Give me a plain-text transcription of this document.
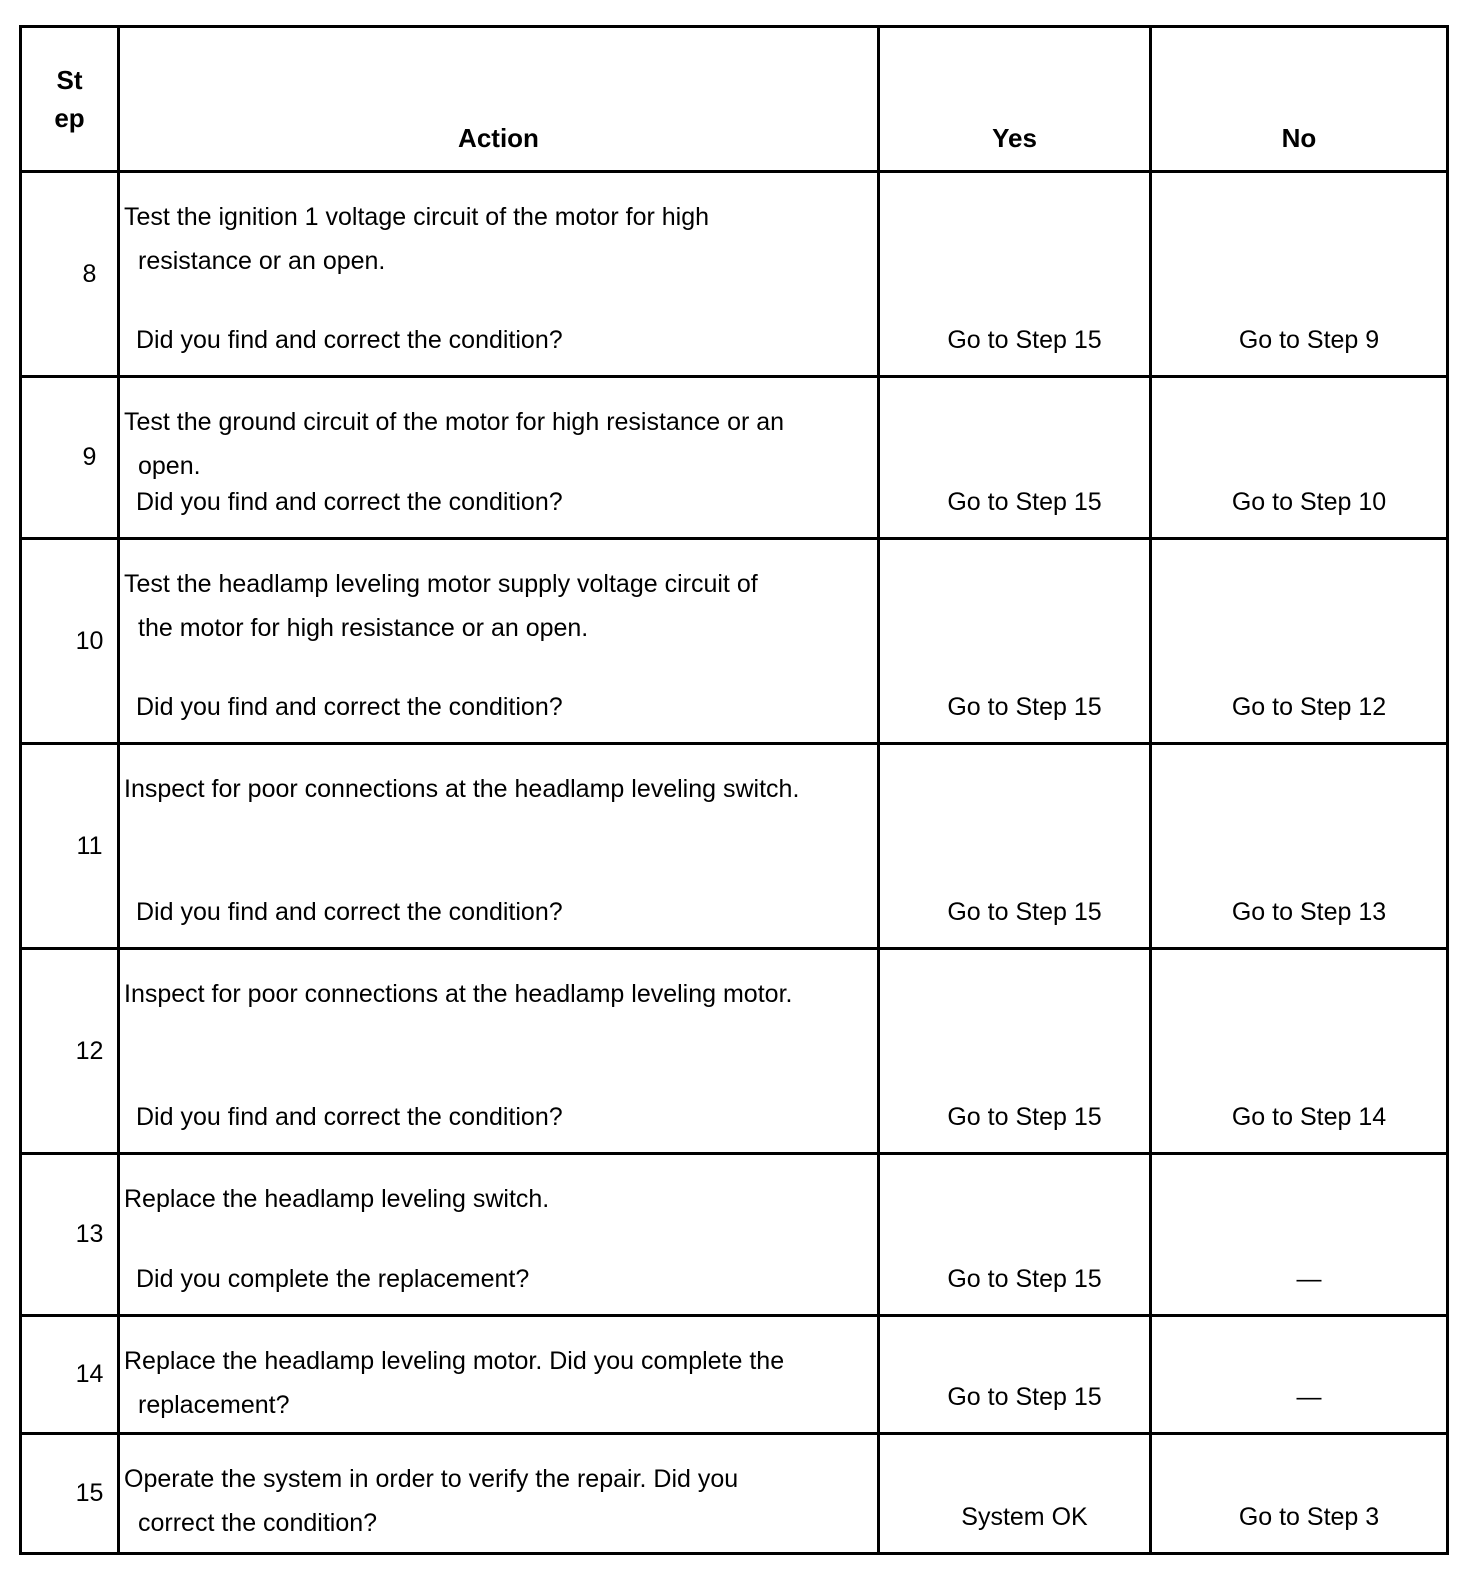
St
ep	Action	Yes	No
8	Test the ignition 1 voltage circuit of the motor for high
resistance or an open.
Did you find and correct the condition?	Go to Step 15	Go to Step 9

9	Test the ground circuit of the motor for high resistance or an
open.
Did you find and correct the condition?	Go to Step 15	Go to Step 10

10	Test the headlamp leveling motor supply voltage circuit of
the motor for high resistance or an open.
Did you find and correct the condition?	Go to Step 15	Go to Step 12

11	Inspect for poor connections at the headlamp leveling switch.
Did you find and correct the condition?	Go to Step 15	Go to Step 13

12	Inspect for poor connections at the headlamp leveling motor.
Did you find and correct the condition?	Go to Step 15	Go to Step 14

13	Replace the headlamp leveling switch.
Did you complete the replacement?	Go to Step 15	—

14	Replace the headlamp leveling motor. Did you complete the
replacement?	Go to Step 15	—

15	Operate the system in order to verify the repair. Did you
correct the condition?	System OK	Go to Step 3
